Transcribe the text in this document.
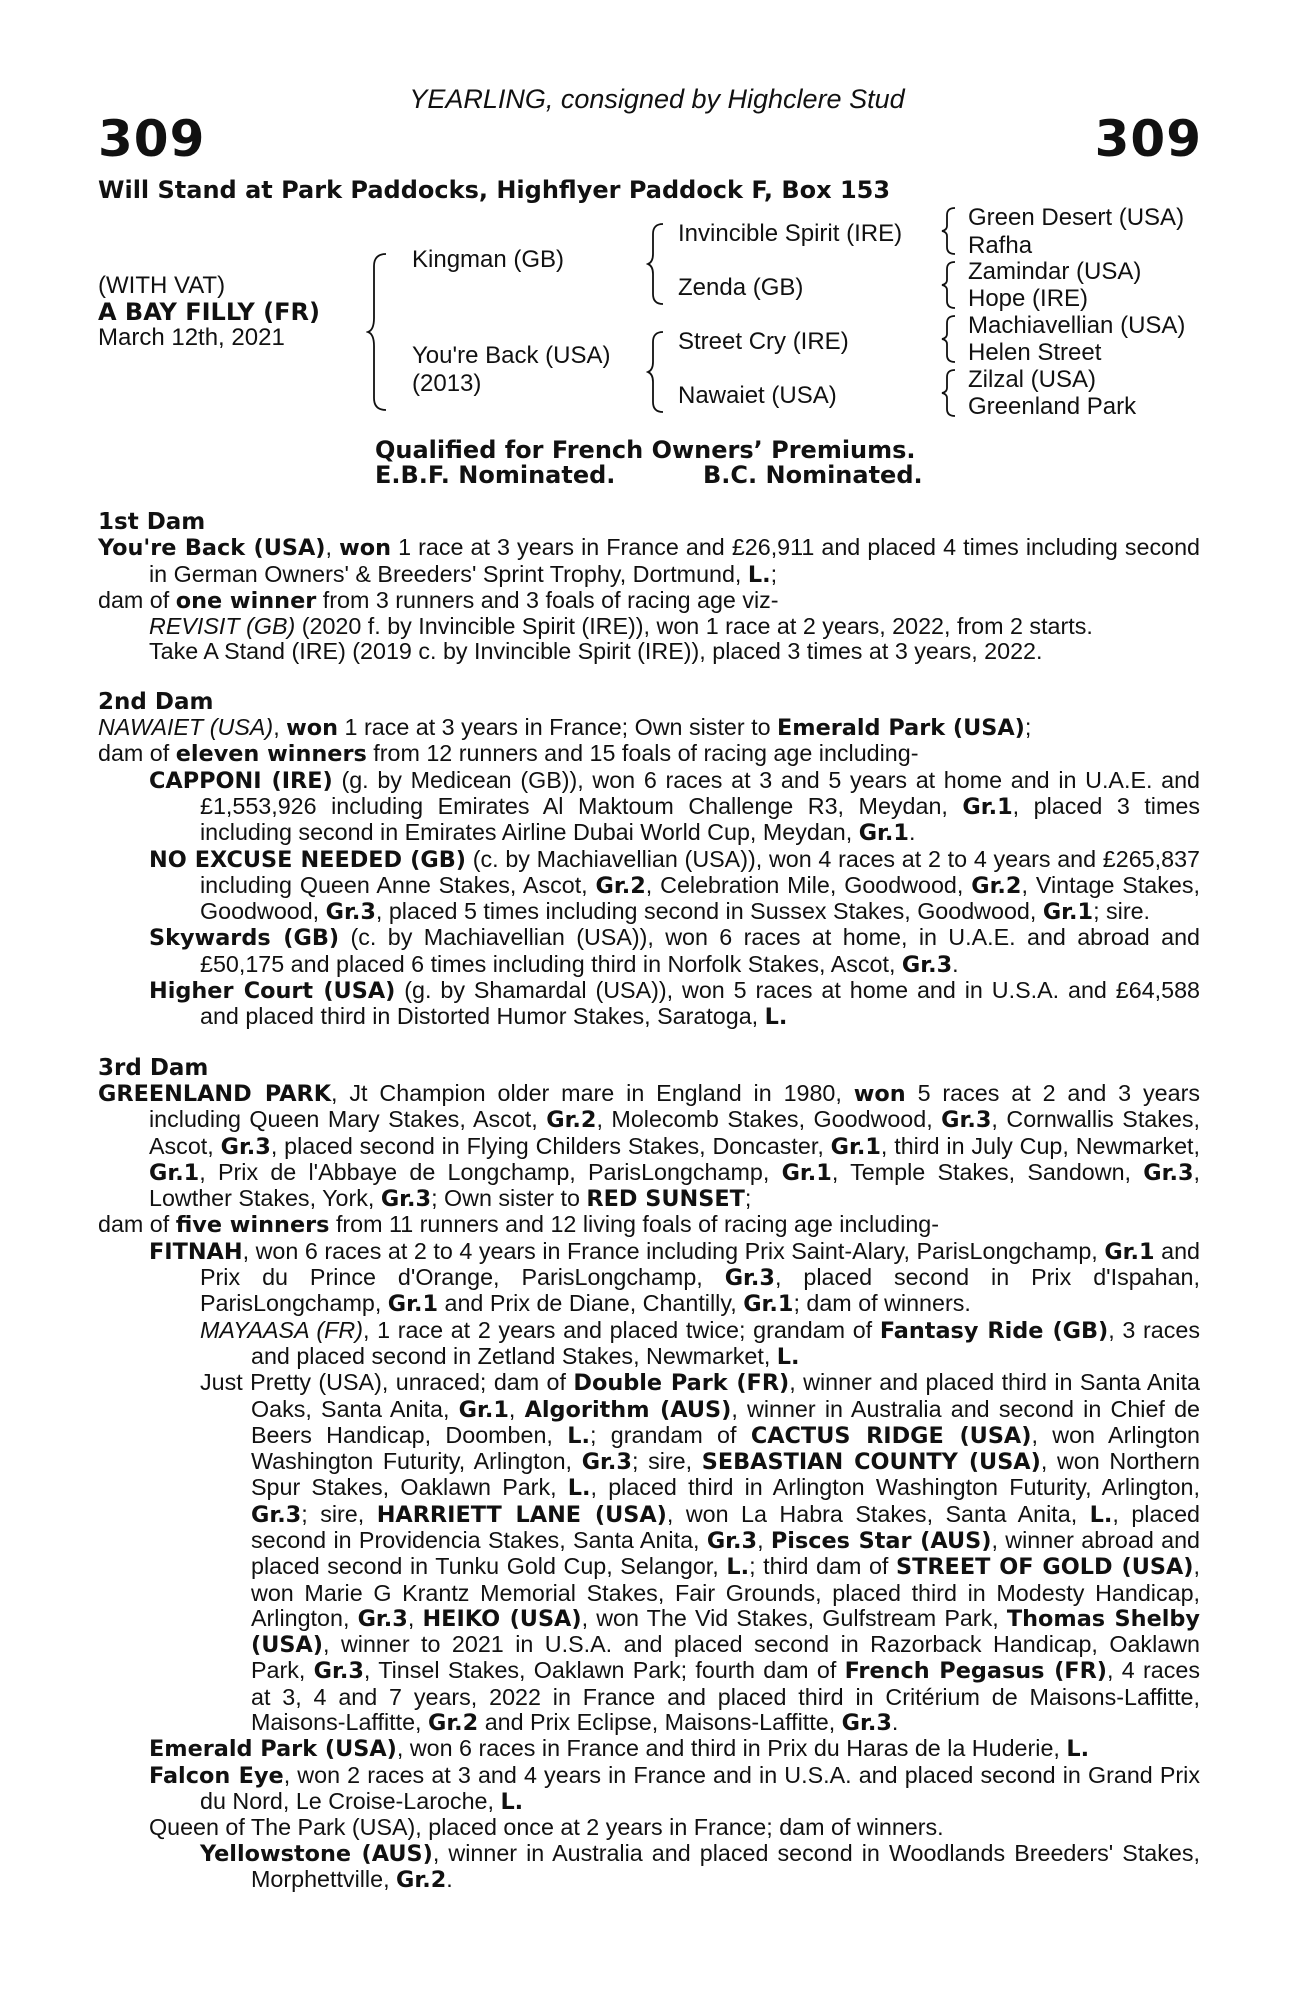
YEARLING, consigned by Highclere Stud
309	309
Will Stand at Park Paddocks, Highflyer Paddock F, Box 153
(WITH VAT)
A BAY FILLY (FR)
March 12th, 2021
Kingman (GB)
You're Back (USA)
(2013)
Invincible Spirit (IRE)
Zenda (GB)
Street Cry (IRE)
Nawaiet (USA)
Green Desert (USA)
Rafha
Zamindar (USA)
Hope (IRE)
Machiavellian (USA)
Helen Street
Zilzal (USA)
Greenland Park
Qualified for French Owners’ Premiums.
E.B.F. Nominated.	B.C. Nominated.

1st Dam

You're Back (USA), won 1 race at 3 years in France and £26,911 and placed 4 times including second in German Owners' & Breeders' Sprint Trophy, Dortmund, L.;

dam of one winner from 3 runners and 3 foals of racing age viz-

REVISIT (GB) (2020 f. by Invincible Spirit (IRE)), won 1 race at 2 years, 2022, from 2 starts.

Take A Stand (IRE) (2019 c. by Invincible Spirit (IRE)), placed 3 times at 3 years, 2022.

2nd Dam

NAWAIET (USA), won 1 race at 3 years in France; Own sister to Emerald Park (USA);

dam of eleven winners from 12 runners and 15 foals of racing age including-

CAPPONI (IRE) (g. by Medicean (GB)), won 6 races at 3 and 5 years at home and in U.A.E. and £1,553,926 including Emirates Al Maktoum Challenge R3, Meydan, Gr.1, placed 3 times including second in Emirates Airline Dubai World Cup, Meydan, Gr.1.

NO EXCUSE NEEDED (GB) (c. by Machiavellian (USA)), won 4 races at 2 to 4 years and £265,837 including Queen Anne Stakes, Ascot, Gr.2, Celebration Mile, Goodwood, Gr.2, Vintage Stakes, Goodwood, Gr.3, placed 5 times including second in Sussex Stakes, Goodwood, Gr.1; sire.

Skywards (GB) (c. by Machiavellian (USA)), won 6 races at home, in U.A.E. and abroad and £50,175 and placed 6 times including third in Norfolk Stakes, Ascot, Gr.3.

Higher Court (USA) (g. by Shamardal (USA)), won 5 races at home and in U.S.A. and £64,588 and placed third in Distorted Humor Stakes, Saratoga, L.

3rd Dam

GREENLAND PARK, Jt Champion older mare in England in 1980, won 5 races at 2 and 3 years including Queen Mary Stakes, Ascot, Gr.2, Molecomb Stakes, Goodwood, Gr.3, Cornwallis Stakes, Ascot, Gr.3, placed second in Flying Childers Stakes, Doncaster, Gr.1, third in July Cup, Newmarket, Gr.1, Prix de l'Abbaye de Longchamp, ParisLongchamp, Gr.1, Temple Stakes, Sandown, Gr.3, Lowther Stakes, York, Gr.3; Own sister to RED SUNSET;

dam of five winners from 11 runners and 12 living foals of racing age including-

FITNAH, won 6 races at 2 to 4 years in France including Prix Saint-Alary, ParisLongchamp, Gr.1 and Prix du Prince d'Orange, ParisLongchamp, Gr.3, placed second in Prix d'Ispahan, ParisLongchamp, Gr.1 and Prix de Diane, Chantilly, Gr.1; dam of winners.

MAYAASA (FR), 1 race at 2 years and placed twice; grandam of Fantasy Ride (GB), 3 races and placed second in Zetland Stakes, Newmarket, L.

Just Pretty (USA), unraced; dam of Double Park (FR), winner and placed third in Santa Anita Oaks, Santa Anita, Gr.1, Algorithm (AUS), winner in Australia and second in Chief de Beers Handicap, Doomben, L.; grandam of CACTUS RIDGE (USA), won Arlington Washington Futurity, Arlington, Gr.3; sire, SEBASTIAN COUNTY (USA), won Northern Spur Stakes, Oaklawn Park, L., placed third in Arlington Washington Futurity, Arlington, Gr.3; sire, HARRIETT LANE (USA), won La Habra Stakes, Santa Anita, L., placed second in Providencia Stakes, Santa Anita, Gr.3, Pisces Star (AUS), winner abroad and placed second in Tunku Gold Cup, Selangor, L.; third dam of STREET OF GOLD (USA), won Marie G Krantz Memorial Stakes, Fair Grounds, placed third in Modesty Handicap, Arlington, Gr.3, HEIKO (USA), won The Vid Stakes, Gulfstream Park, Thomas Shelby (USA), winner to 2021 in U.S.A. and placed second in Razorback Handicap, Oaklawn Park, Gr.3, Tinsel Stakes, Oaklawn Park; fourth dam of French Pegasus (FR), 4 races at 3, 4 and 7 years, 2022 in France and placed third in Critérium de Maisons-Laffitte, Maisons-Laffitte, Gr.2 and Prix Eclipse, Maisons-Laffitte, Gr.3.

Emerald Park (USA), won 6 races in France and third in Prix du Haras de la Huderie, L.

Falcon Eye, won 2 races at 3 and 4 years in France and in U.S.A. and placed second in Grand Prix du Nord, Le Croise-Laroche, L.

Queen of The Park (USA), placed once at 2 years in France; dam of winners.

Yellowstone (AUS), winner in Australia and placed second in Woodlands Breeders' Stakes, Morphettville, Gr.2.
